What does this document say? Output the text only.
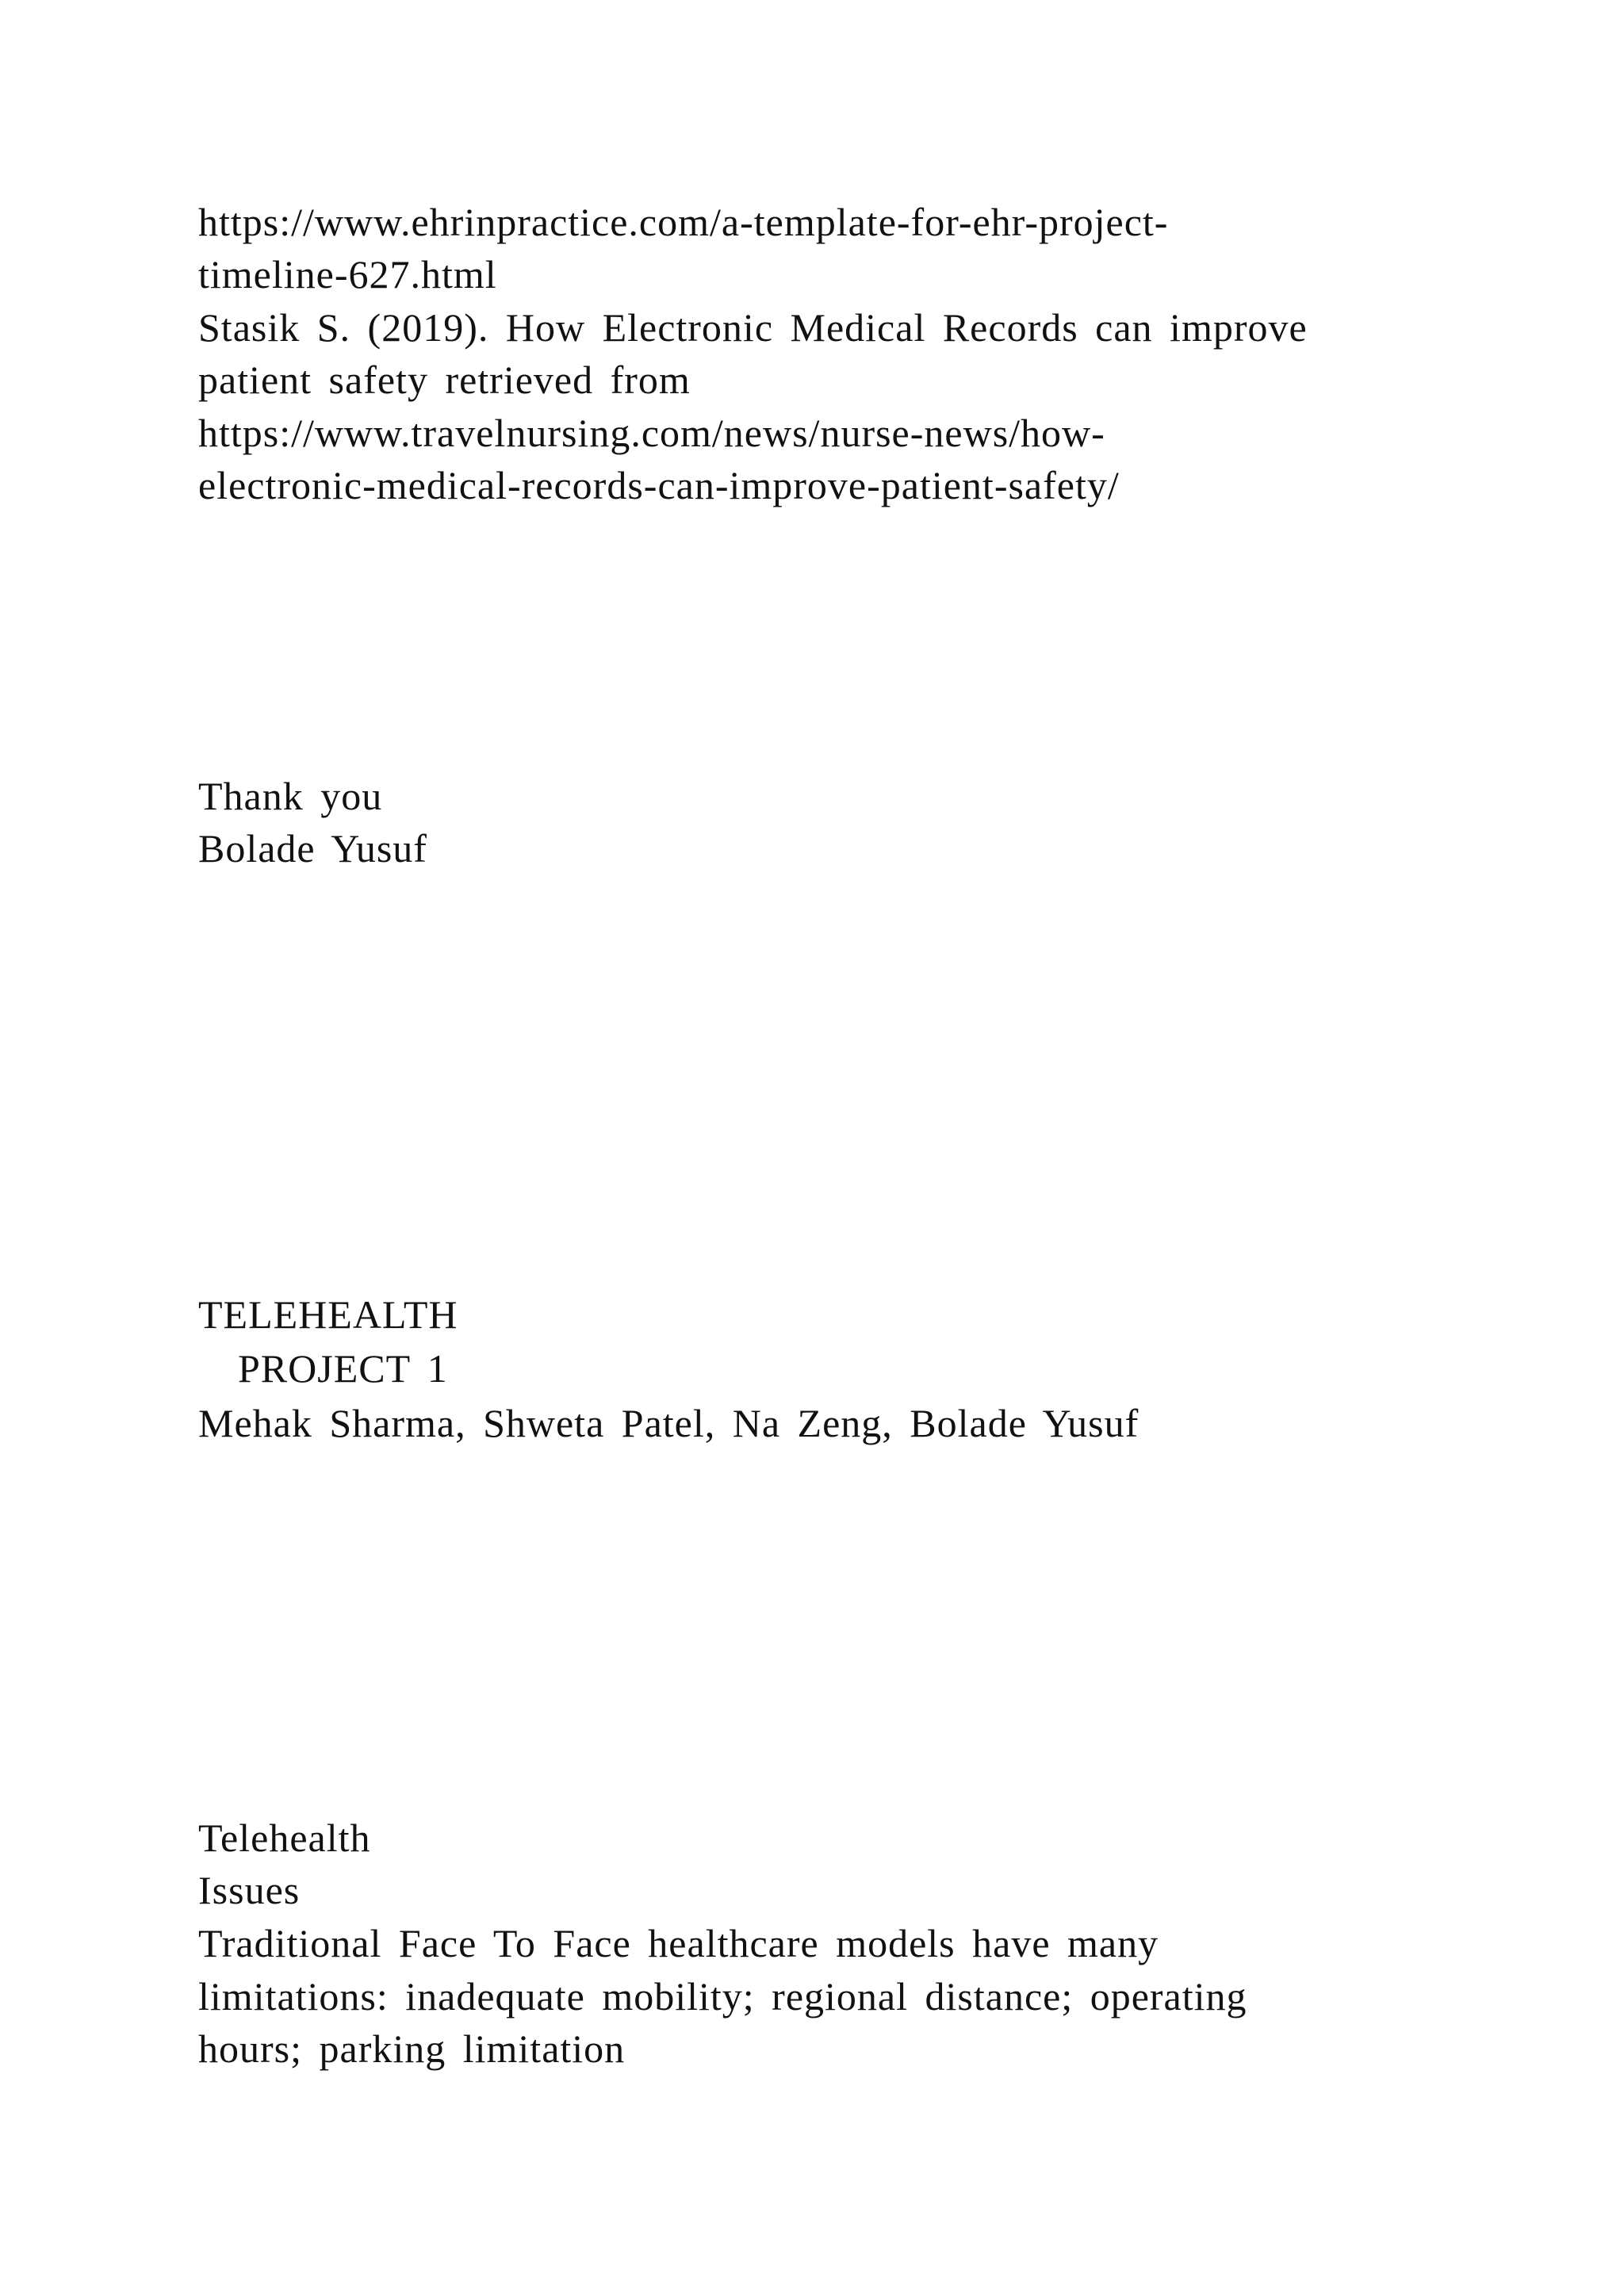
https://www.ehrinpractice.com/a-template-for-ehr-project-
timeline-627.html
Stasik S. (2019). How Electronic Medical Records can improve
patient safety retrieved from
https://www.travelnursing.com/news/nurse-news/how-
electronic-medical-records-can-improve-patient-safety/
Thank you
Bolade Yusuf
TELEHEALTH
PROJECT 1
Mehak Sharma, Shweta Patel, Na Zeng, Bolade Yusuf
Telehealth
Issues
Traditional Face To Face healthcare models have many
limitations: inadequate mobility; regional distance; operating
hours; parking limitation
